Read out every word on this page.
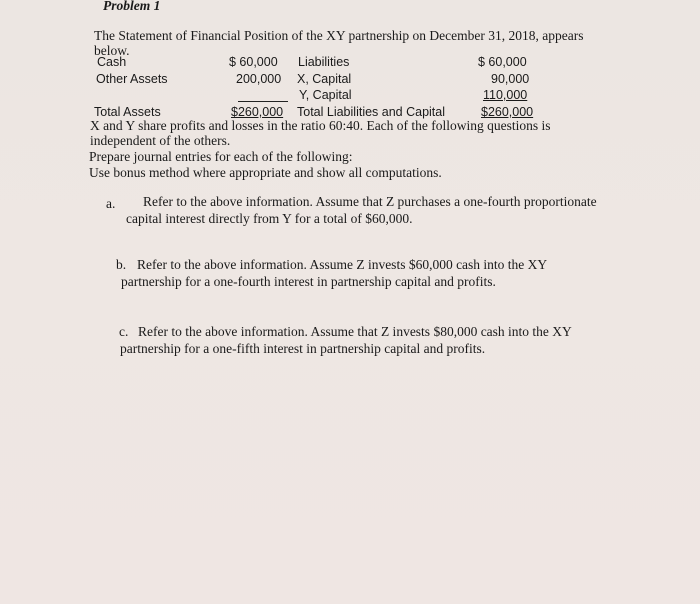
Problem 1
The Statement of Financial Position of the XY partnership on December 31, 2018, appears
below.
Cash	$ 60,000 Liabilities	$ 60,000
Other Assets	200,000 X, Capital	90,000
Y, Capital	110,000
Total Assets	$260,000 Total Liabilities and Capital	$260,000
X and Y share profits and losses in the ratio 60:40. Each of the following questions is
independent of the others.
Prepare journal entries for each of the following:
Use bonus method where appropriate and show all computations.
a. Refer to the above information. Assume that Z purchases a one-fourth proportionate
capital interest directly from Y for a total of $60,000.
b. Refer to the above information. Assume Z invests $60,000 cash into the XY
partnership for a one-fourth interest in partnership capital and profits.
c. Refer to the above information. Assume that Z invests $80,000 cash into the XY
partnership for a one-fifth interest in partnership capital and profits.
